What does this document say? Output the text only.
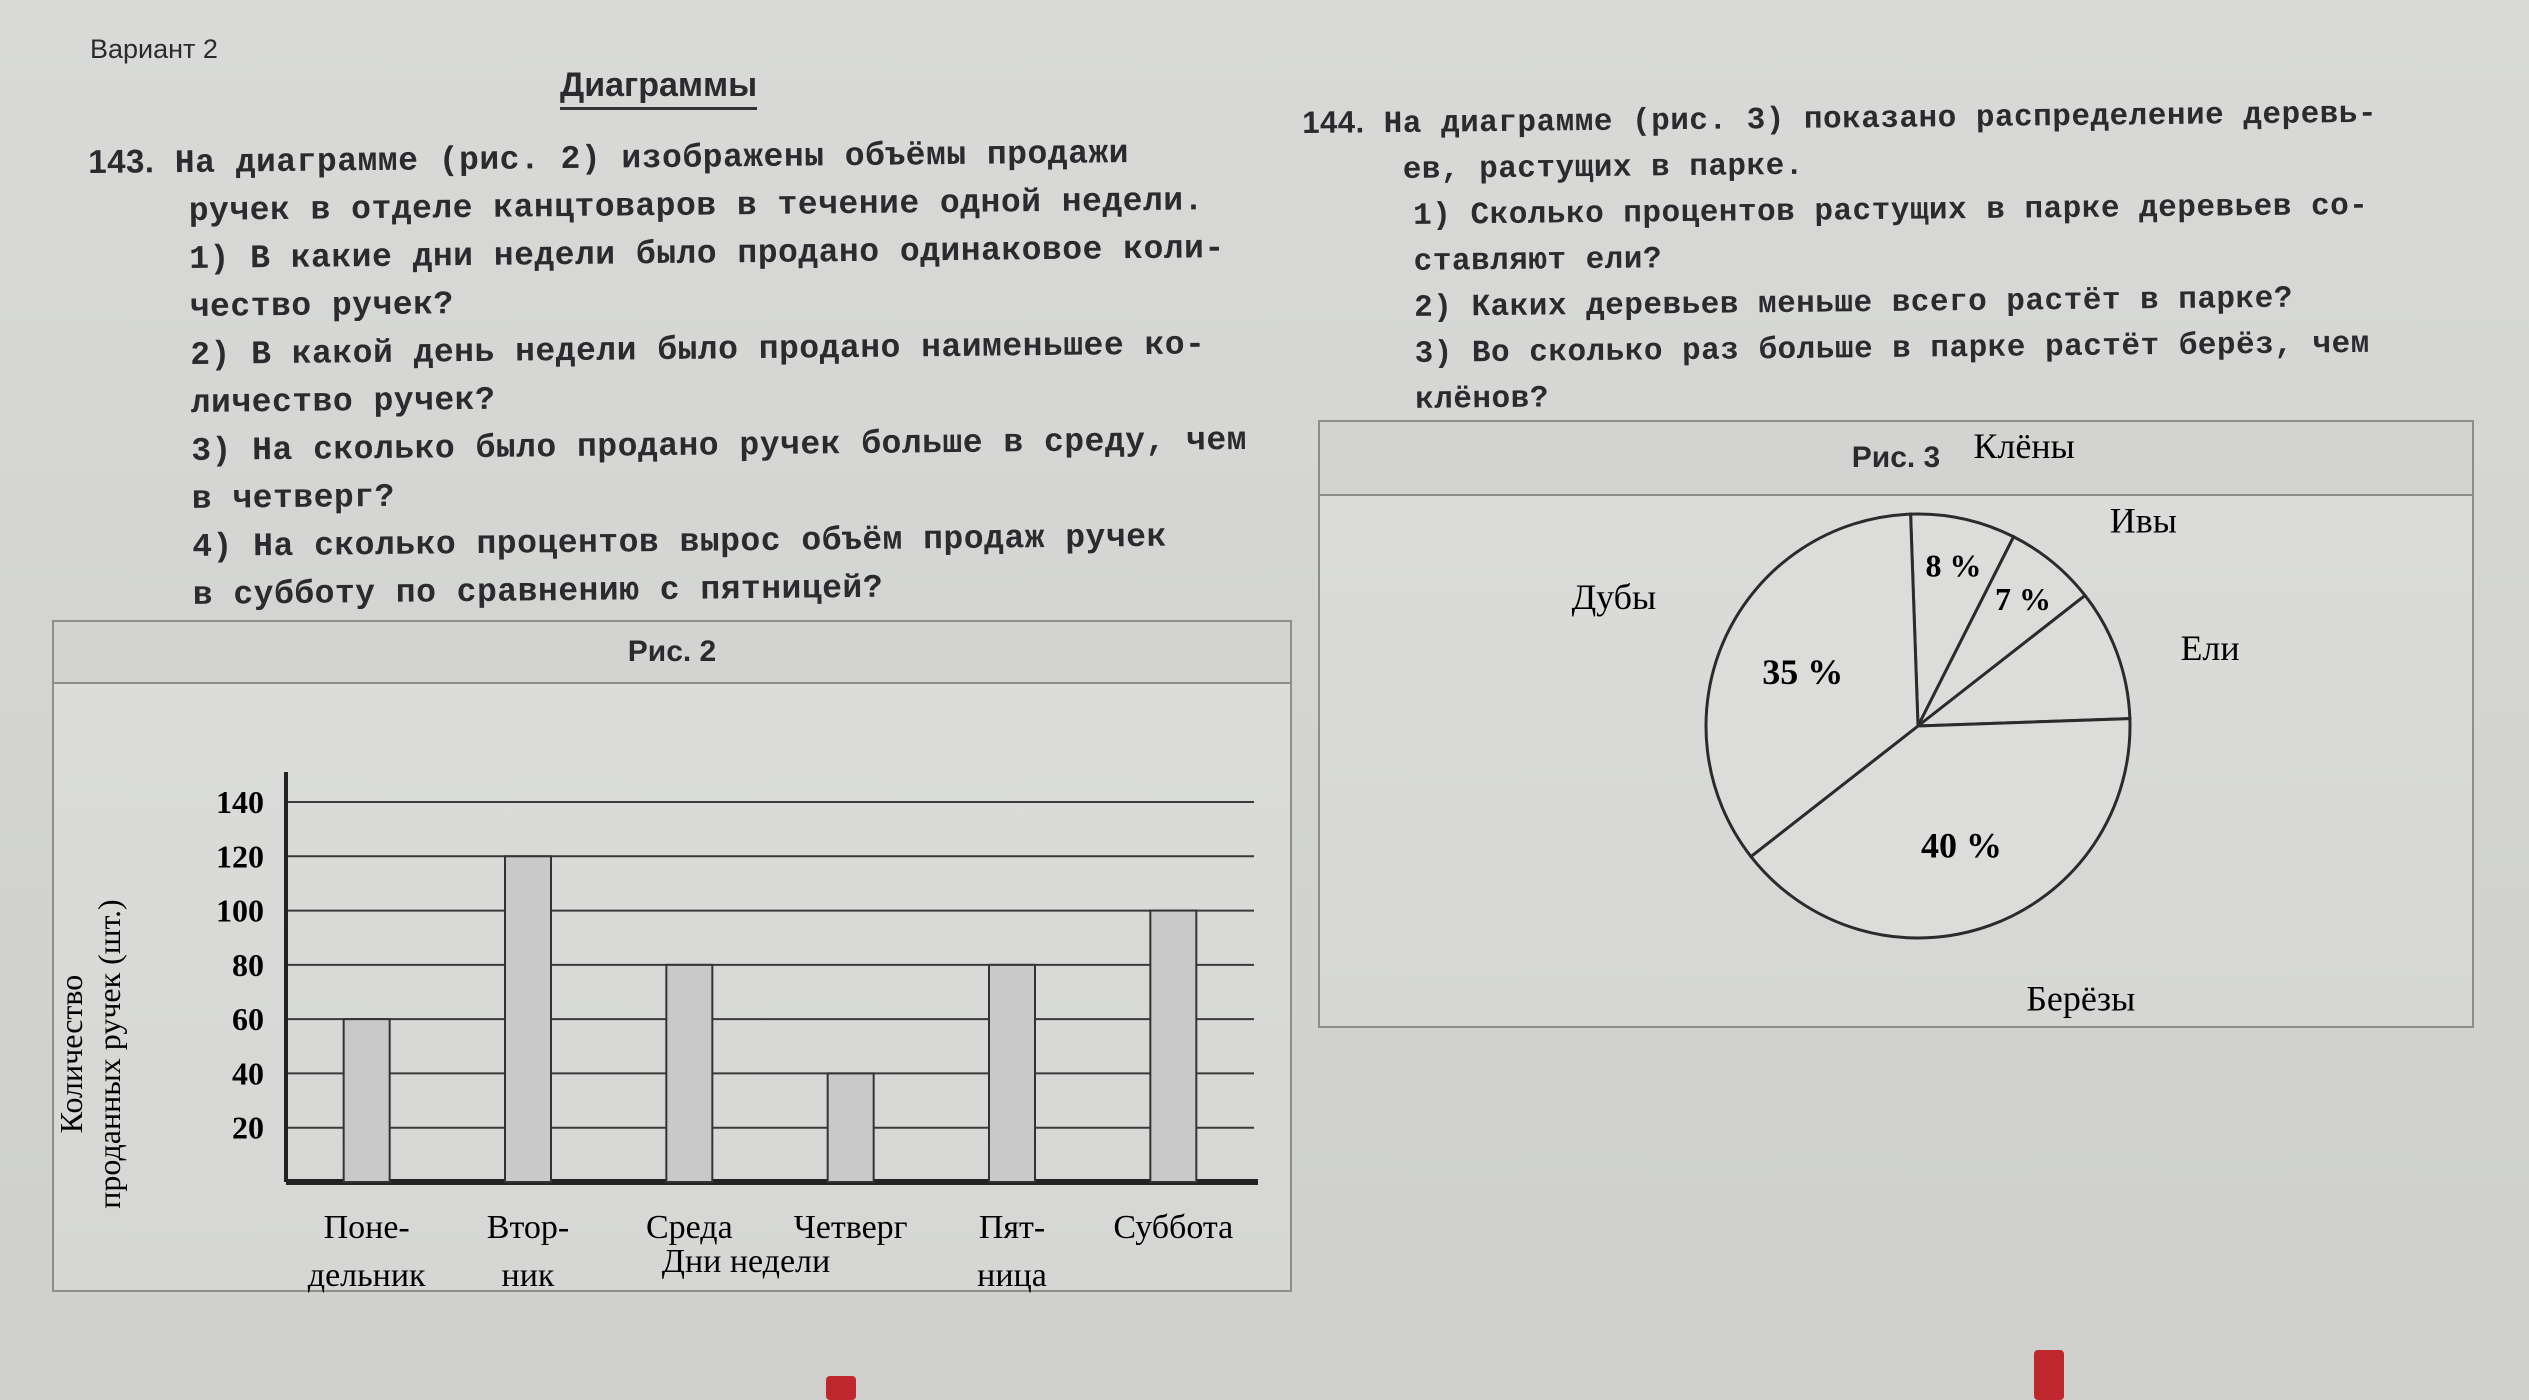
Вариант 2
Диаграммы
143. На диаграмме (рис. 2) изображены объёмы продажи
ручек в отделе канцтоваров в течение одной недели.
1) В какие дни недели было продано одинаковое коли-
чество ручек?
2) В какой день недели было продано наименьшее ко-
личество ручек?
3) На сколько было продано ручек больше в среду, чем
в четверг?
4) На сколько процентов вырос объём продаж ручек
в субботу по сравнению с пятницей?
144. На диаграмме (рис. 3) показано распределение деревь-
ев, растущих в парке.
1) Сколько процентов растущих в парке деревьев со-
ставляют ели?
2) Каких деревьев меньше всего растёт в парке?
3) Во сколько раз больше в парке растёт берёз, чем
клёнов?
Рис. 2
20
40
60
80
100
120
140
Поне-
дельник
Втор-
ник
Среда Четверг Пят-
ница
Суббота
Количество проданных ручек (шт.)
Дни недели
Рис. 3
8 %
Клёны
7 %
Ивы
Ели
40 %
Берёзы
35 %
Дубы
